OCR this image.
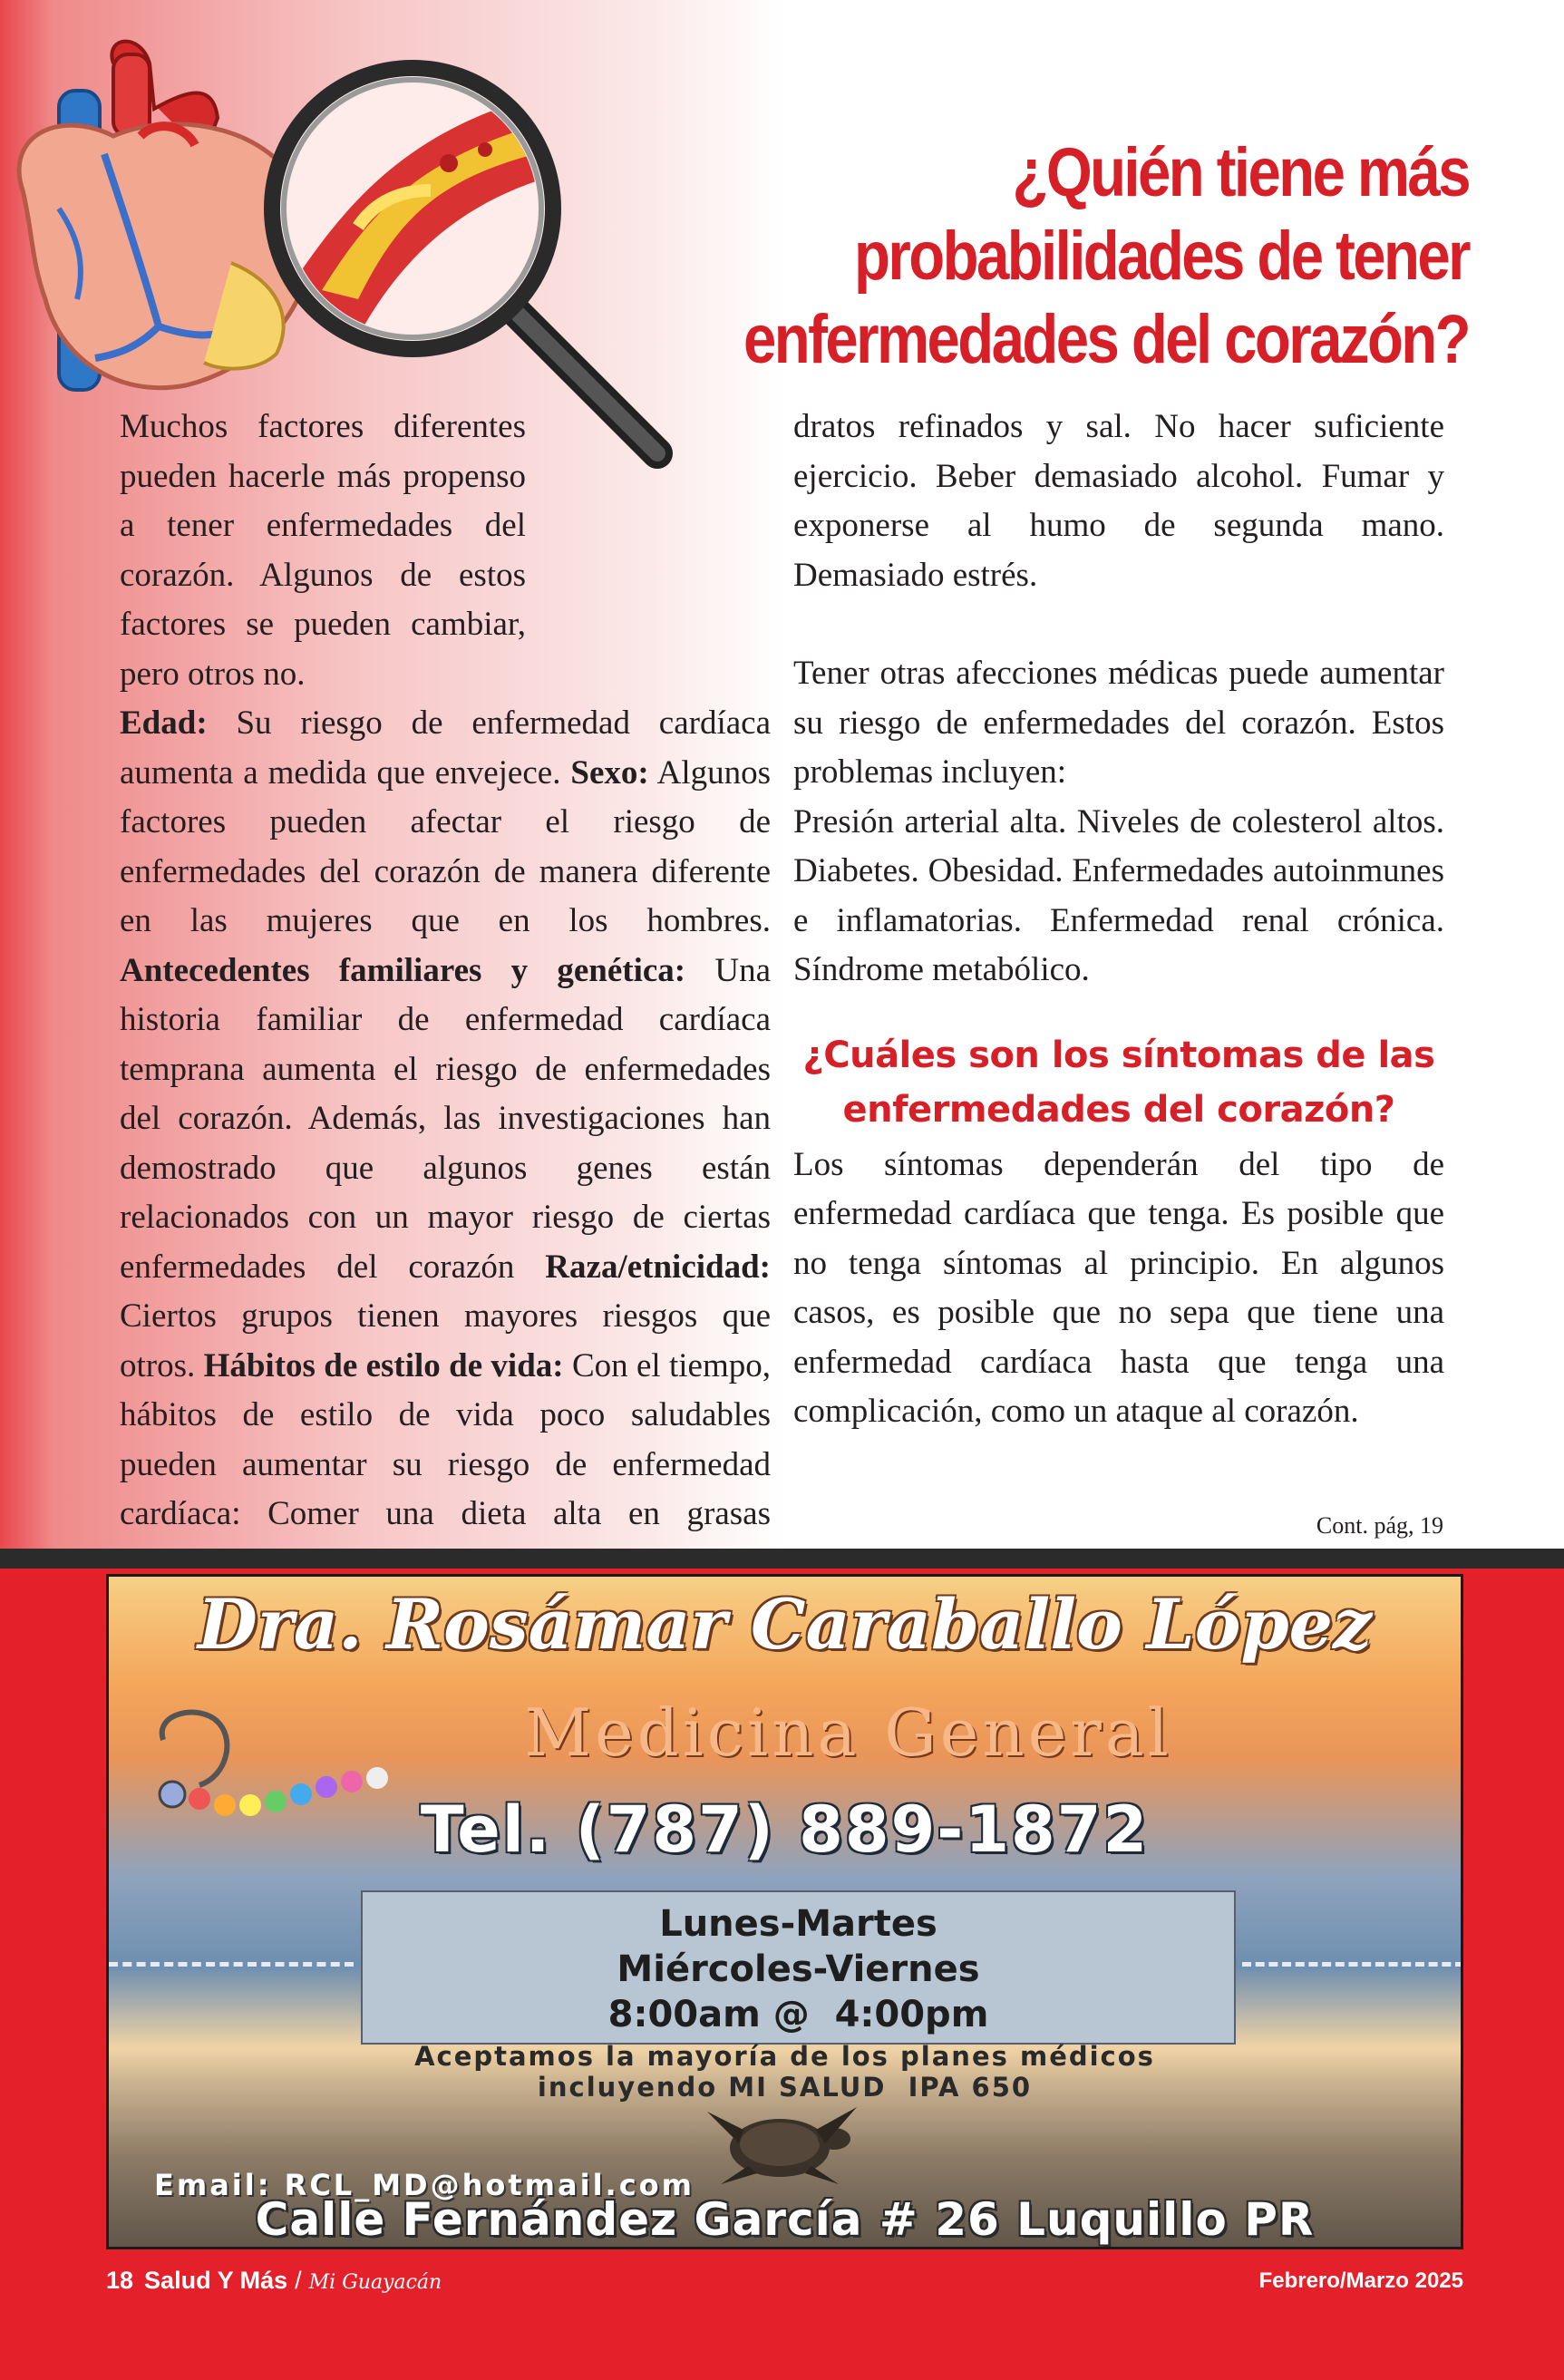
¿Quién tiene más probabilidades de tener
enfermedades del corazón?

Muchos factores diferentes pueden hacerle más propenso a tener enfermedades del corazón. Algunos de estos factores se pueden cambiar, pero otros no.

Edad: Su riesgo de enfermedad cardíaca aumenta a medida que envejece. Sexo: Algunos factores pueden afectar el riesgo de enfermedades del corazón de manera diferente en las mujeres que en los hombres. Antecedentes familiares y genética: Una historia familiar de enfermedad cardíaca temprana aumenta el riesgo de enfermedades del corazón. Además, las investigaciones han demostrado que algunos genes están relacionados con un mayor riesgo de ciertas enfermedades del corazón Raza/etnicidad: Ciertos grupos tienen mayores riesgos que otros. Hábitos de estilo de vida: Con el tiempo, hábitos de estilo de vida poco saludables pueden aumentar su riesgo de enfermedad cardíaca: Comer una dieta alta en grasas

dratos refinados y sal. No hacer suficiente ejercicio. Beber demasiado alcohol. Fumar y exponerse al humo de segunda mano. Demasiado estrés.

Tener otras afecciones médicas puede aumentar su riesgo de enfermedades del corazón. Estos problemas incluyen:

Presión arterial alta. Niveles de colesterol altos. Diabetes. Obesidad. Enfermedades autoinmunes e inflamatorias. Enfermedad renal crónica. Síndrome metabólico.

¿Cuáles son los síntomas de las enfermedades del corazón?

Los síntomas dependerán del tipo de enfermedad cardíaca que tenga. Es posible que no tenga síntomas al principio. En algunos casos, es posible que no sepa que tiene una enfermedad cardíaca hasta que tenga una complicación, como un ataque al corazón.

Cont. pág, 19
Dra. Rosámar Caraballo López
Medicina General
Tel. (787) 889-1872
Lunes-Martes
Miércoles-Viernes
8:00am @  4:00pm
Aceptamos la mayoría de los planes médicos
incluyendo MI SALUD  IPA 650
Email: RCL_MD@hotmail.com
Calle Fernández García # 26 Luquillo PR
18 Salud Y Más / Mi Guayacán	Febrero/Marzo 2025
